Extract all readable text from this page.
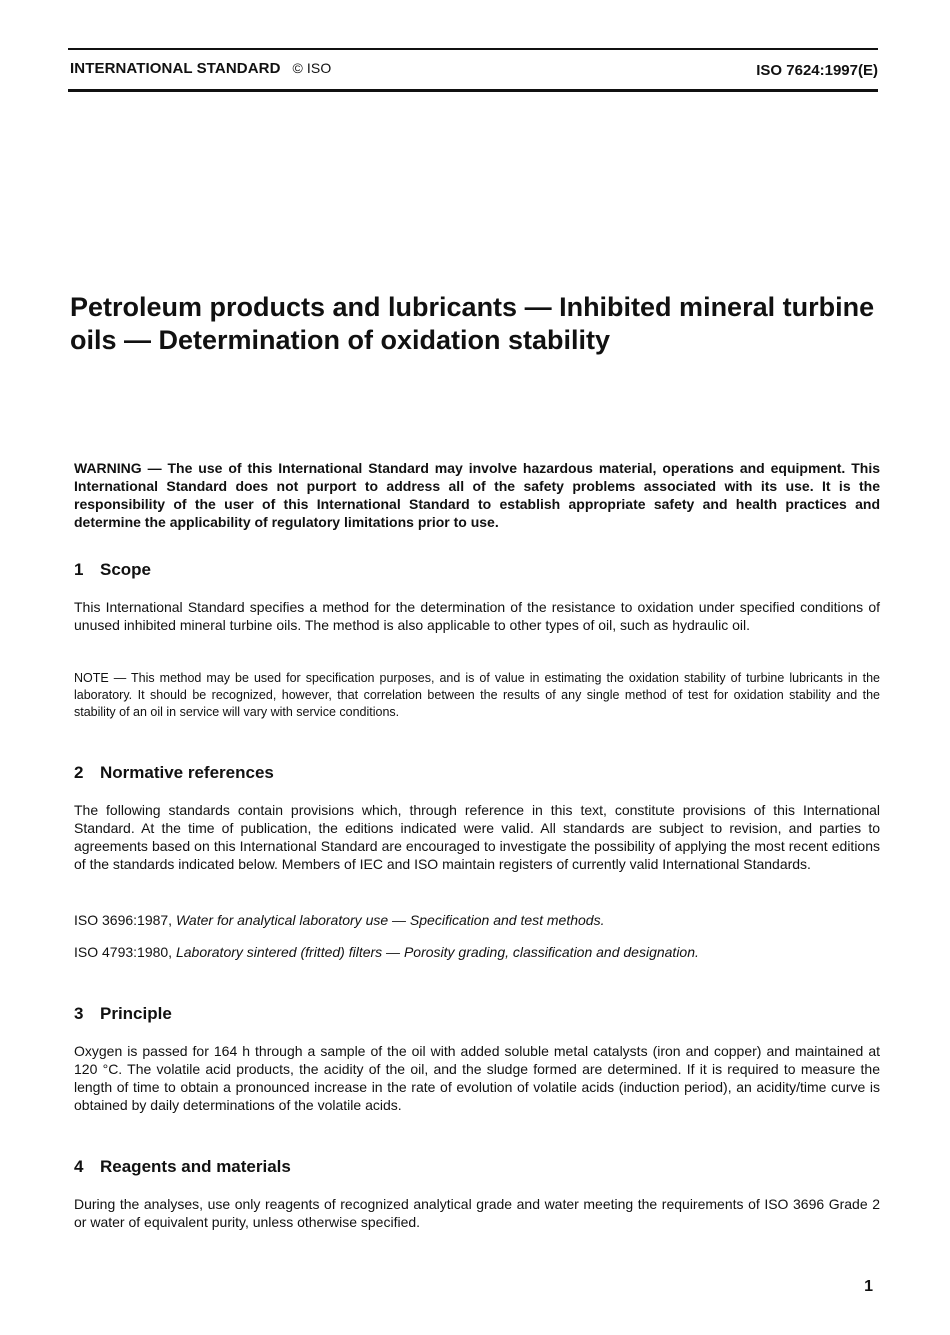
INTERNATIONAL STANDARD © ISO	ISO 7624:1997(E)
Petroleum products and lubricants — Inhibited mineral turbine oils — Determination of oxidation stability

WARNING — The use of this International Standard may involve hazardous material, operations and equipment. This International Standard does not purport to address all of the safety problems associated with its use. It is the responsibility of the user of this International Standard to establish appropriate safety and health practices and determine the applicability of regulatory limitations prior to use.

1 Scope

This International Standard specifies a method for the determination of the resistance to oxidation under specified conditions of unused inhibited mineral turbine oils. The method is also applicable to other types of oil, such as hydraulic oil.

NOTE — This method may be used for specification purposes, and is of value in estimating the oxidation stability of turbine lubricants in the laboratory. It should be recognized, however, that correlation between the results of any single method of test for oxidation stability and the stability of an oil in service will vary with service conditions.

2 Normative references

The following standards contain provisions which, through reference in this text, constitute provisions of this International Standard. At the time of publication, the editions indicated were valid. All standards are subject to revision, and parties to agreements based on this International Standard are encouraged to investigate the possibility of applying the most recent editions of the standards indicated below. Members of IEC and ISO maintain registers of currently valid International Standards.

ISO 3696:1987, Water for analytical laboratory use — Specification and test methods.

ISO 4793:1980, Laboratory sintered (fritted) filters — Porosity grading, classification and designation.

3 Principle

Oxygen is passed for 164 h through a sample of the oil with added soluble metal catalysts (iron and copper) and maintained at 120 °C. The volatile acid products, the acidity of the oil, and the sludge formed are determined. If it is required to measure the length of time to obtain a pronounced increase in the rate of evolution of volatile acids (induction period), an acidity/time curve is obtained by daily determinations of the volatile acids.

4 Reagents and materials

During the analyses, use only reagents of recognized analytical grade and water meeting the requirements of ISO 3696 Grade 2 or water of equivalent purity, unless otherwise specified.

1
